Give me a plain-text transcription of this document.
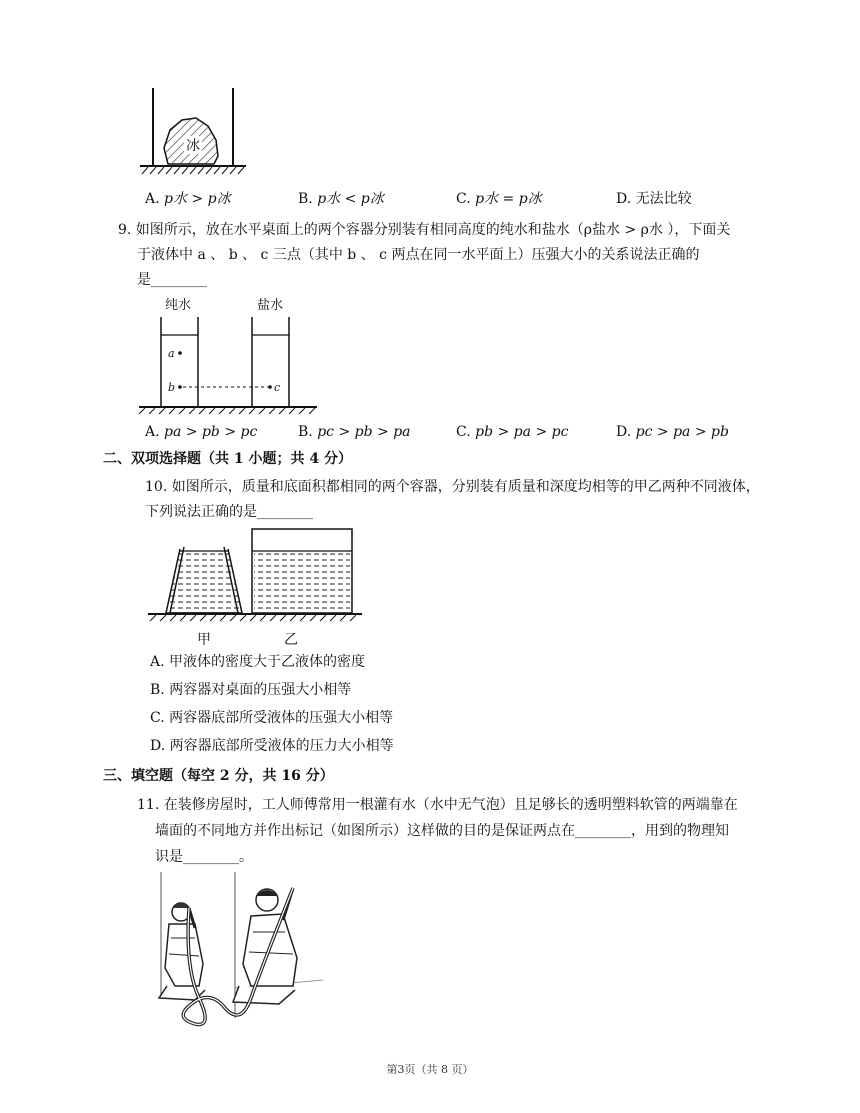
冰
A. p水 > p冰	B. p水 < p冰	C. p水 = p冰	D. 无法比较
9. 如图所示，放在水平桌面上的两个容器分别装有相同高度的纯水和盐水（ρ盐水 > ρ水 ），下面关
于液体中 a 、 b 、 c 三点（其中 b 、 c 两点在同一水平面上）压强大小的关系说法正确的
是________
纯水	盐水
a
b	c
A. pa > pb > pc	B. pc > pb > pa	C. pb > pa > pc	D. pc > pa > pb
二、双项选择题（共 1 小题；共 4 分）
10. 如图所示，质量和底面积都相同的两个容器，分别装有质量和深度均相等的甲乙两种不同液体，
下列说法正确的是________
甲	乙
A. 甲液体的密度大于乙液体的密度
B. 两容器对桌面的压强大小相等
C. 两容器底部所受液体的压强大小相等
D. 两容器底部所受液体的压力大小相等
三、填空题（每空 2 分，共 16 分）
11. 在装修房屋时，工人师傅常用一根灌有水（水中无气泡）且足够长的透明塑料软管的两端靠在
墙面的不同地方并作出标记（如图所示）这样做的目的是保证两点在________，用到的物理知
识是________。
第3页（共 8 页）
